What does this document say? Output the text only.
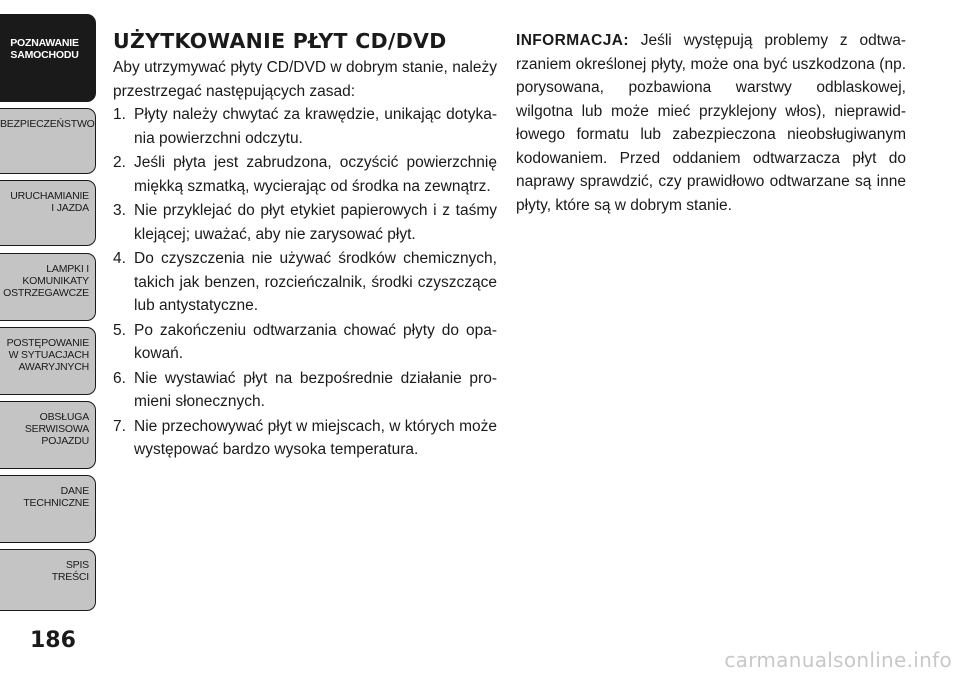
POZNAWANIE
SAMOCHODU
BEZPIECZEŃSTWO
URUCHAMIANIE
I JAZDA
LAMPKI I
KOMUNIKATY
OSTRZEGAWCZE
POSTĘPOWANIE
W SYTUACJACH
AWARYJNYCH
OBSŁUGA
SERWISOWA
POJAZDU
DANE
TECHNICZNE
SPIS
TREŚCI
186
UŻYTKOWANIE PŁYT CD/DVD

Aby utrzymywać płyty CD/DVD w dobrym stanie, należy przestrzegać następujących zasad:

1. Płyty należy chwytać za krawędzie, unikając dotyka-nia powierzchni odczytu.
2. Jeśli płyta jest zabrudzona, oczyścić powierzchnię miękką szmatką, wycierając od środka na zewnątrz.
3. Nie przyklejać do płyt etykiet papierowych i z taśmy klejącej; uważać, aby nie zarysować płyt.
4. Do czyszczenia nie używać środków chemicznych, takich jak benzen, rozcieńczalnik, środki czyszczące lub antystatyczne.
5. Po zakończeniu odtwarzania chować płyty do opa-kowań.
6. Nie wystawiać płyt na bezpośrednie działanie pro-mieni słonecznych.
7. Nie przechowywać płyt w miejscach, w których może występować bardzo wysoka temperatura.

INFORMACJA: Jeśli występują problemy z odtwa-rzaniem określonej płyty, może ona być uszkodzona (np. porysowana, pozbawiona warstwy odblaskowej, wilgotna lub może mieć przyklejony włos), nieprawid-łowego formatu lub zabezpieczona nieobsługiwanym kodowaniem. Przed oddaniem odtwarzacza płyt do naprawy sprawdzić, czy prawidłowo odtwarzane są inne płyty, które są w dobrym stanie.

carmanualsonline.info
